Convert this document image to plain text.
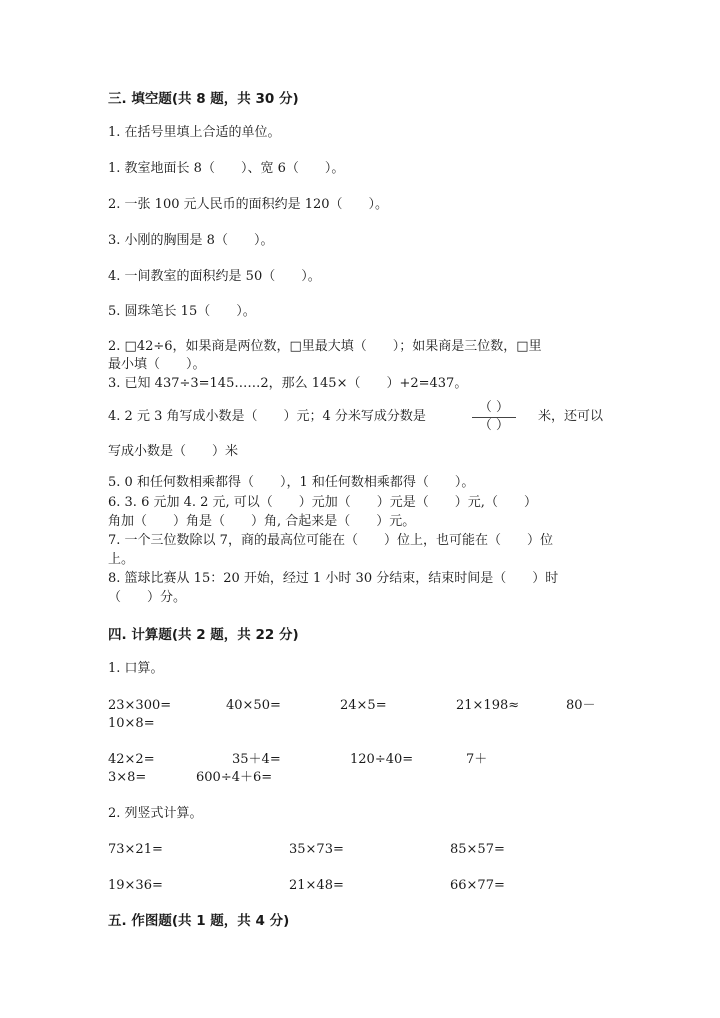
三. 填空题(共 8 题，共 30 分)
1. 在括号里填上合适的单位。
1. 教室地面长 8（　　）、宽 6（　　）。
2. 一张 100 元人民币的面积约是 120（　　）。
3. 小刚的胸围是 8（　　）。
4. 一间教室的面积约是 50（　　）。
5. 圆珠笔长 15（　　）。
2. □42÷6，如果商是两位数，□里最大填（　　）；如果商是三位数，□里
最小填（　　）。
3. 已知 437÷3=145……2，那么 145×（　　）+2=437。
4. 2 元 3 角写成小数是（　　）元；4 分米写成分数是
（ ）
（ ）
米，还可以
写成小数是（　　）米
5. 0 和任何数相乘都得（　　），1 和任何数相乘都得（　　）。
6. 3. 6 元加 4. 2 元, 可以（　　）元加（　　）元是（　　）元,（　　）
角加（　　）角是（　　）角, 合起来是（　　）元。
7. 一个三位数除以 7，商的最高位可能在（　　）位上，也可能在（　　）位
上。
8. 篮球比赛从 15：20 开始，经过 1 小时 30 分结束，结束时间是（　　）时
（　　）分。
四. 计算题(共 2 题，共 22 分)
1. 口算。
23×300=	40×50=	24×5=	21×198≈	80－
10×8=
42×2=	35＋4=	120÷40=	7＋
3×8=	600÷4＋6=
2. 列竖式计算。
73×21=	35×73=	85×57=
19×36=	21×48=	66×77=
五. 作图题(共 1 题，共 4 分)
